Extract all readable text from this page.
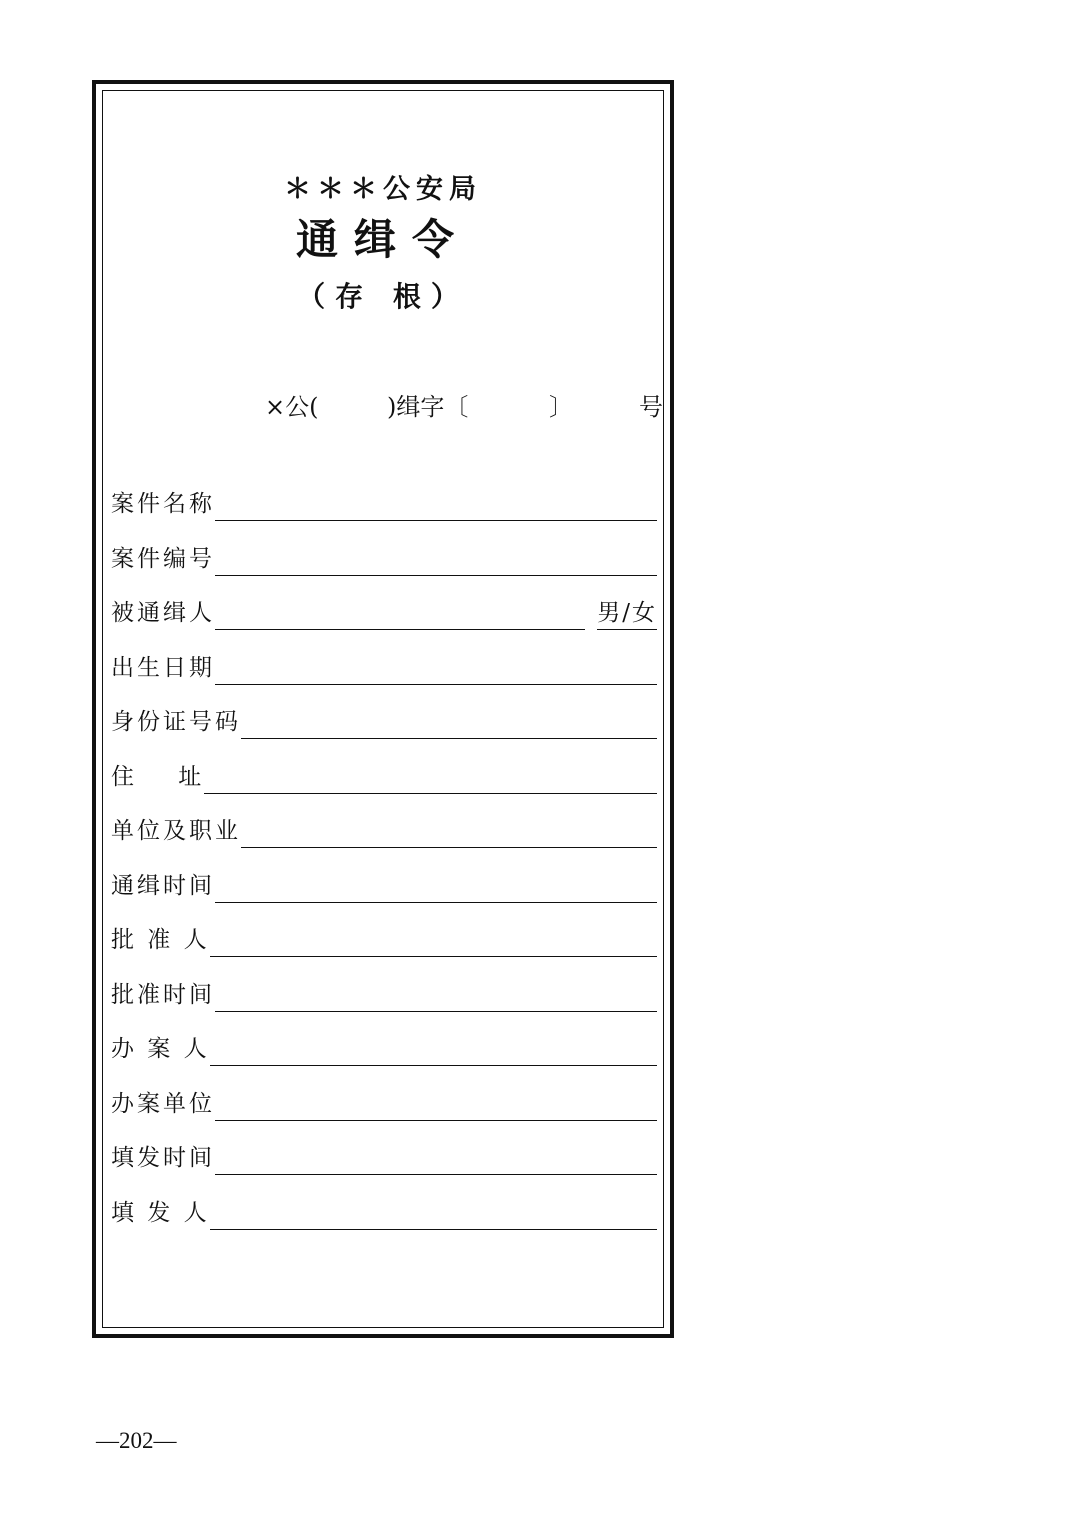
＊＊＊公安局
通缉令
（存 根）
×公(	)缉字〔	〕	号
案件名称
案件编号
被通缉人	男/女
出生日期
身份证号码
住    址
单位及职业
通缉时间
批 准 人
批准时间
办 案 人
办案单位
填发时间
填 发 人
—202—
